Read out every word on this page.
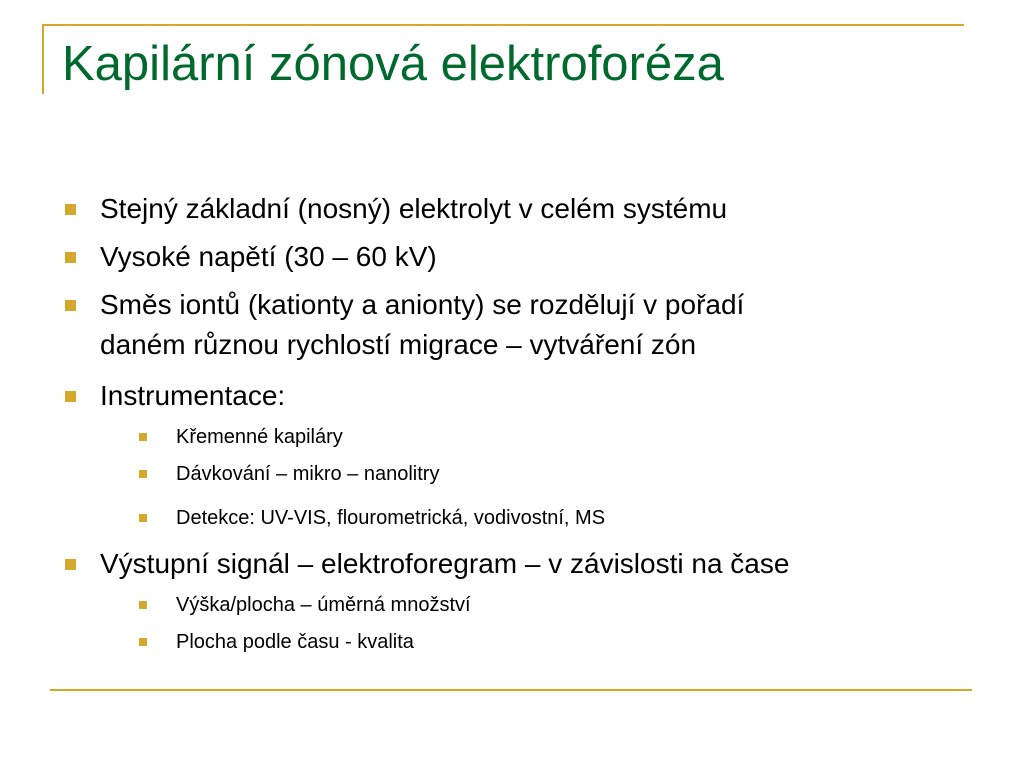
Kapilární zónová elektroforéza
Stejný základní (nosný) elektrolyt v celém systému
Vysoké napětí (30 – 60 kV)
Směs iontů (kationty a anionty) se rozdělují v pořadí
daném různou rychlostí migrace – vytváření zón
Instrumentace:
Křemenné kapiláry
Dávkování – mikro – nanolitry
Detekce: UV-VIS, flourometrická, vodivostní, MS
Výstupní signál – elektroforegram – v závislosti na čase
Výška/plocha – úměrná množství
Plocha podle času - kvalita
